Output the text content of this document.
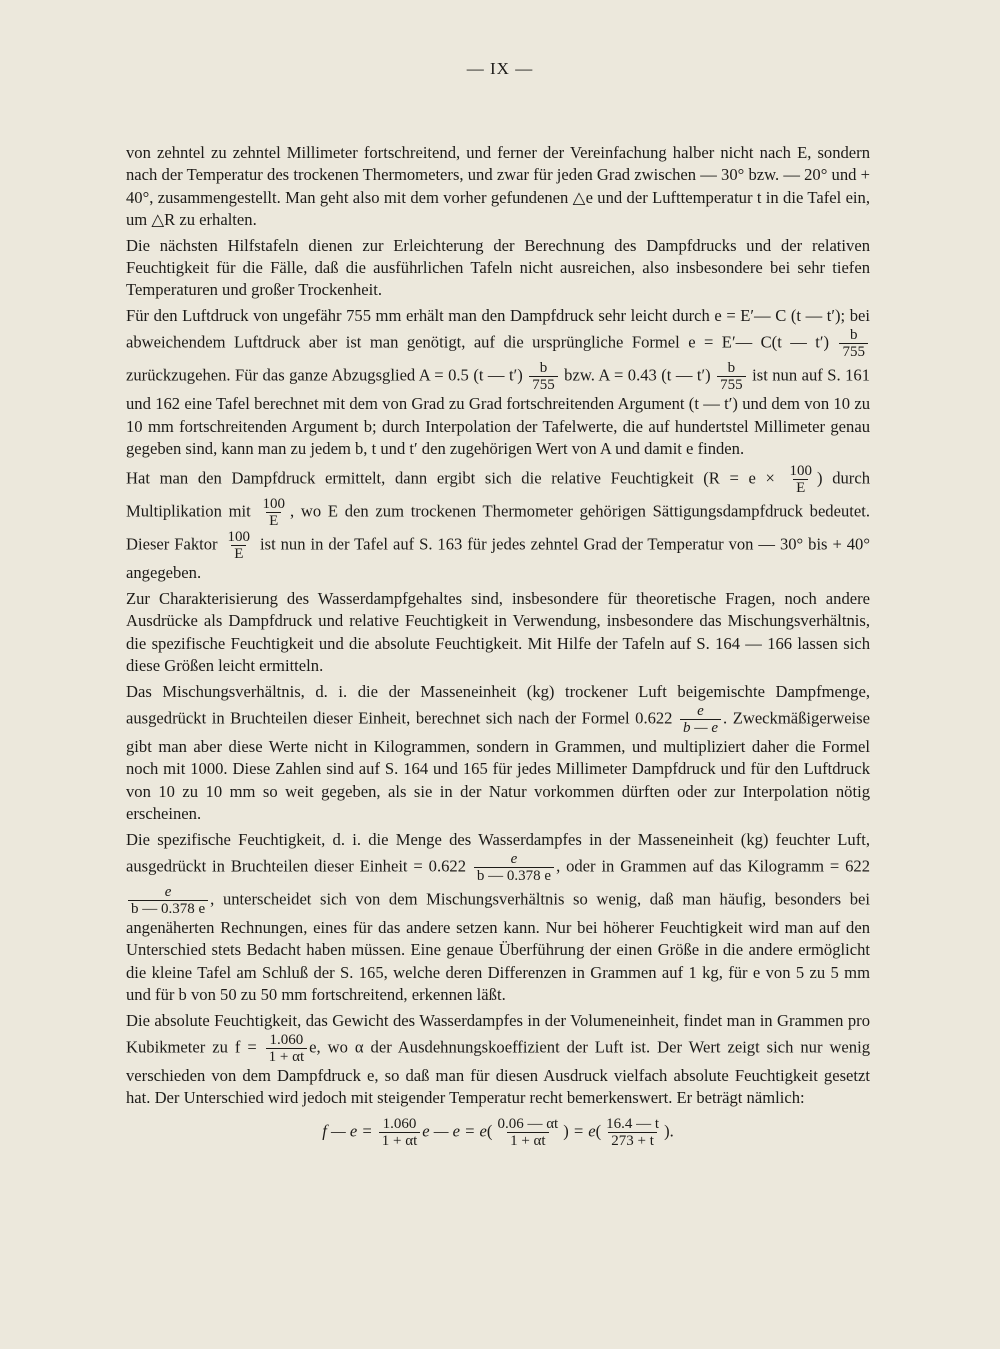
— IX —

von zehntel zu zehntel Millimeter fortschreitend, und ferner der Vereinfachung halber nicht nach E, sondern nach der Temperatur des trockenen Thermometers, und zwar für jeden Grad zwischen — 30° bzw. — 20° und + 40°, zusammengestellt. Man geht also mit dem vorher gefundenen △e und der Lufttemperatur t in die Tafel ein, um △R zu erhalten.

Die nächsten Hilfstafeln dienen zur Erleichterung der Berechnung des Dampfdrucks und der relativen Feuchtigkeit für die Fälle, daß die ausführlichen Tafeln nicht ausreichen, also insbesondere bei sehr tiefen Temperaturen und großer Trockenheit.

Für den Luftdruck von ungefähr 755 mm erhält man den Dampfdruck sehr leicht durch e = E′— C (t — t′); bei abweichendem Luftdruck aber ist man genötigt, auf die ursprüngliche Formel e = E′— C(t — $t') \frac{b}{755}$
zurückzugehen. Für das ganze Abzugsglied A = 0.5 (t — $t') \frac{b}{755}$ bzw. A = 0.43 (t — $t') \frac{b}{755}$ ist nun auf S. 161 und 162 eine Tafel berechnet mit dem von Grad zu Grad fortschreitenden Argument (t — t′) und dem von 10 zu 10 mm fortschreitenden Argument b; durch Interpolation der Tafelwerte, die auf hundertstel Millimeter genau gegeben sind, kann man zu jedem b, t und t′ den zugehörigen Wert von A und damit e finden.

Hat man den Dampfdruck ermittelt, dann ergibt sich die relative Feuchtigkeit ($R = e \times \frac{100}{E}$ ) durch Multiplikation mit $\frac{100}{E}$ , wo E den zum trockenen Thermometer gehörigen Sättigungsdampfdruck bedeutet. Dieser Faktor $\frac{100}{E}$ ist nun in der Tafel auf S. 163 für jedes zehntel Grad der Temperatur von — 30° bis + 40° angegeben.

Zur Charakterisierung des Wasserdampfgehaltes sind, insbesondere für theoretische Fragen, noch andere Ausdrücke als Dampfdruck und relative Feuchtigkeit in Verwendung, insbesondere das Mischungsverhältnis, die spezifische Feuchtigkeit und die absolute Feuchtigkeit. Mit Hilfe der Tafeln auf S. 164 — 166 lassen sich diese Größen leicht ermitteln.

Das Mischungsverhältnis, d. i. die der Masseneinheit (kg) trockener Luft beigemischte Dampfmenge, ausgedrückt in Bruchteilen dieser Einheit, berechnet sich nach der Formel $0.622 \frac{e}{b — e}$ . Zweckmäßigerweise gibt man aber diese Werte nicht in Kilogrammen, sondern in Grammen, und multipliziert daher die Formel noch mit 1000. Diese Zahlen sind auf S. 164 und 165 für jedes Millimeter Dampfdruck und für den Luftdruck von 10 zu 10 mm so weit gegeben, als sie in der Natur vorkommen dürften oder zur Interpolation nötig erscheinen.

Die spezifische Feuchtigkeit, d. i. die Menge des Wasserdampfes in der Masseneinheit (kg) feuchter Luft, ausgedrückt in Bruchteilen dieser Einheit = $0.622 \frac{e}{b — 0.378 e}$ , oder in Grammen auf das Kilogramm = 622
$\frac{e}{b — 0.378 e}$ , unterscheidet sich von dem Mischungsverhältnis so wenig, daß man häufig, besonders bei angenäherten Rechnungen, eines für das andere setzen kann. Nur bei höherer Feuchtigkeit wird man auf den Unterschied stets Bedacht haben müssen. Eine genaue Überführung der einen Größe in die andere ermöglicht die kleine Tafel am Schluß der S. 165, welche deren Differenzen in Grammen auf 1 kg, für e von 5 zu 5 mm und für b von 50 zu 50 mm fortschreitend, erkennen läßt.

Die absolute Feuchtigkeit, das Gewicht des Wasserdampfes in der Volumeneinheit, findet man in Grammen pro Kubikmeter zu $f = \frac{1.060}{1 + \alpha t} e$, wo α der Ausdehnungskoeffizient der Luft ist. Der Wert zeigt sich nur wenig verschieden von dem Dampfdruck e, so daß man für diesen Ausdruck vielfach absolute Feuchtigkeit gesetzt hat. Der Unterschied wird jedoch mit steigender Temperatur recht bemerkenswert. Er beträgt nämlich:

f — $e = \frac{1.060}{1 + \alpha t}$ e — $e = e( \frac{0.06 — \alpha t}{1 + \alpha t}$ ) = $e( \frac{16.4 — t}{273 + t}$ ).
